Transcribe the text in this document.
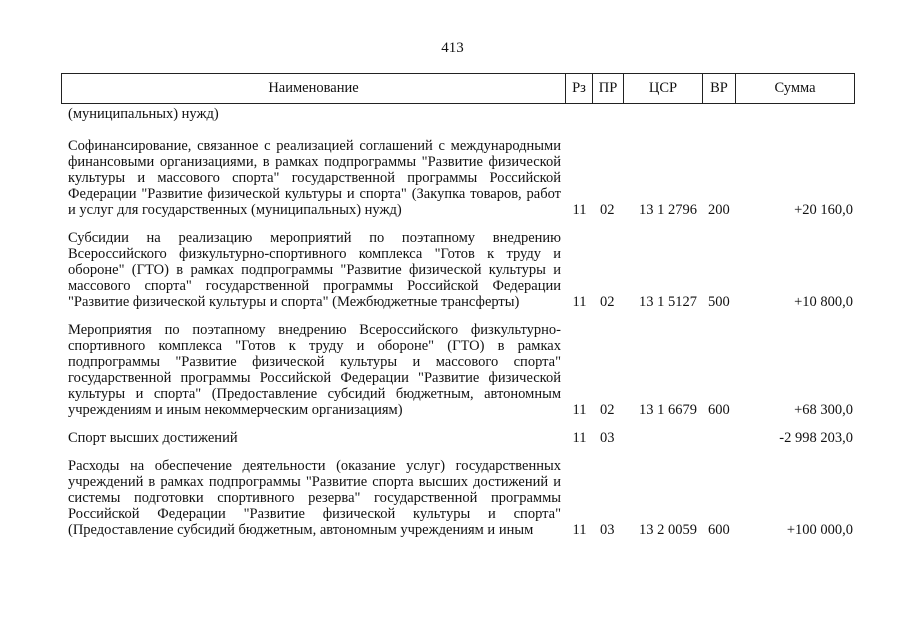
413
Наименование	Рз ПР	ЦСР	ВР	Сумма
(муниципальных) нужд)
Софинансирование, связанное с реализацией соглашений с международными финансовыми организациями, в рамках подпрограммы "Развитие физической культуры и массового спорта" государственной программы Российской Федерации "Развитие физической культуры и спорта" (Закупка товаров, работ и услуг для государственных (муниципальных) нужд)	11 02	13 1 2796 200	+20 160,0
Субсидии на реализацию мероприятий по поэтапному внедрению Всероссийского физкультурно-спортивного комплекса "Готов к труду и обороне" (ГТО) в рамках подпрограммы "Развитие физической культуры и массового спорта" государственной программы Российской Федерации "Развитие физической культуры и спорта" (Межбюджетные трансферты)	11 02	13 1 5127 500	+10 800,0
Мероприятия по поэтапному внедрению Всероссийского физкультурно-спортивного комплекса "Готов к труду и обороне" (ГТО) в рамках подпрограммы "Развитие физической культуры и массового спорта" государственной программы Российской Федерации "Развитие физической культуры и спорта" (Предоставление субсидий бюджетным, автономным учреждениям и иным некоммерческим организациям)	11 02	13 1 6679 600	+68 300,0
Спорт высших достижений	11 03	-2 998 203,0
Расходы на обеспечение деятельности (оказание услуг) государственных учреждений в рамках подпрограммы "Развитие спорта высших достижений и системы подготовки спортивного резерва" государственной программы Российской Федерации "Развитие физической культуры и спорта" (Предоставление субсидий бюджетным, автономным учреждениям и иным	11 03	13 2 0059 600	+100 000,0
